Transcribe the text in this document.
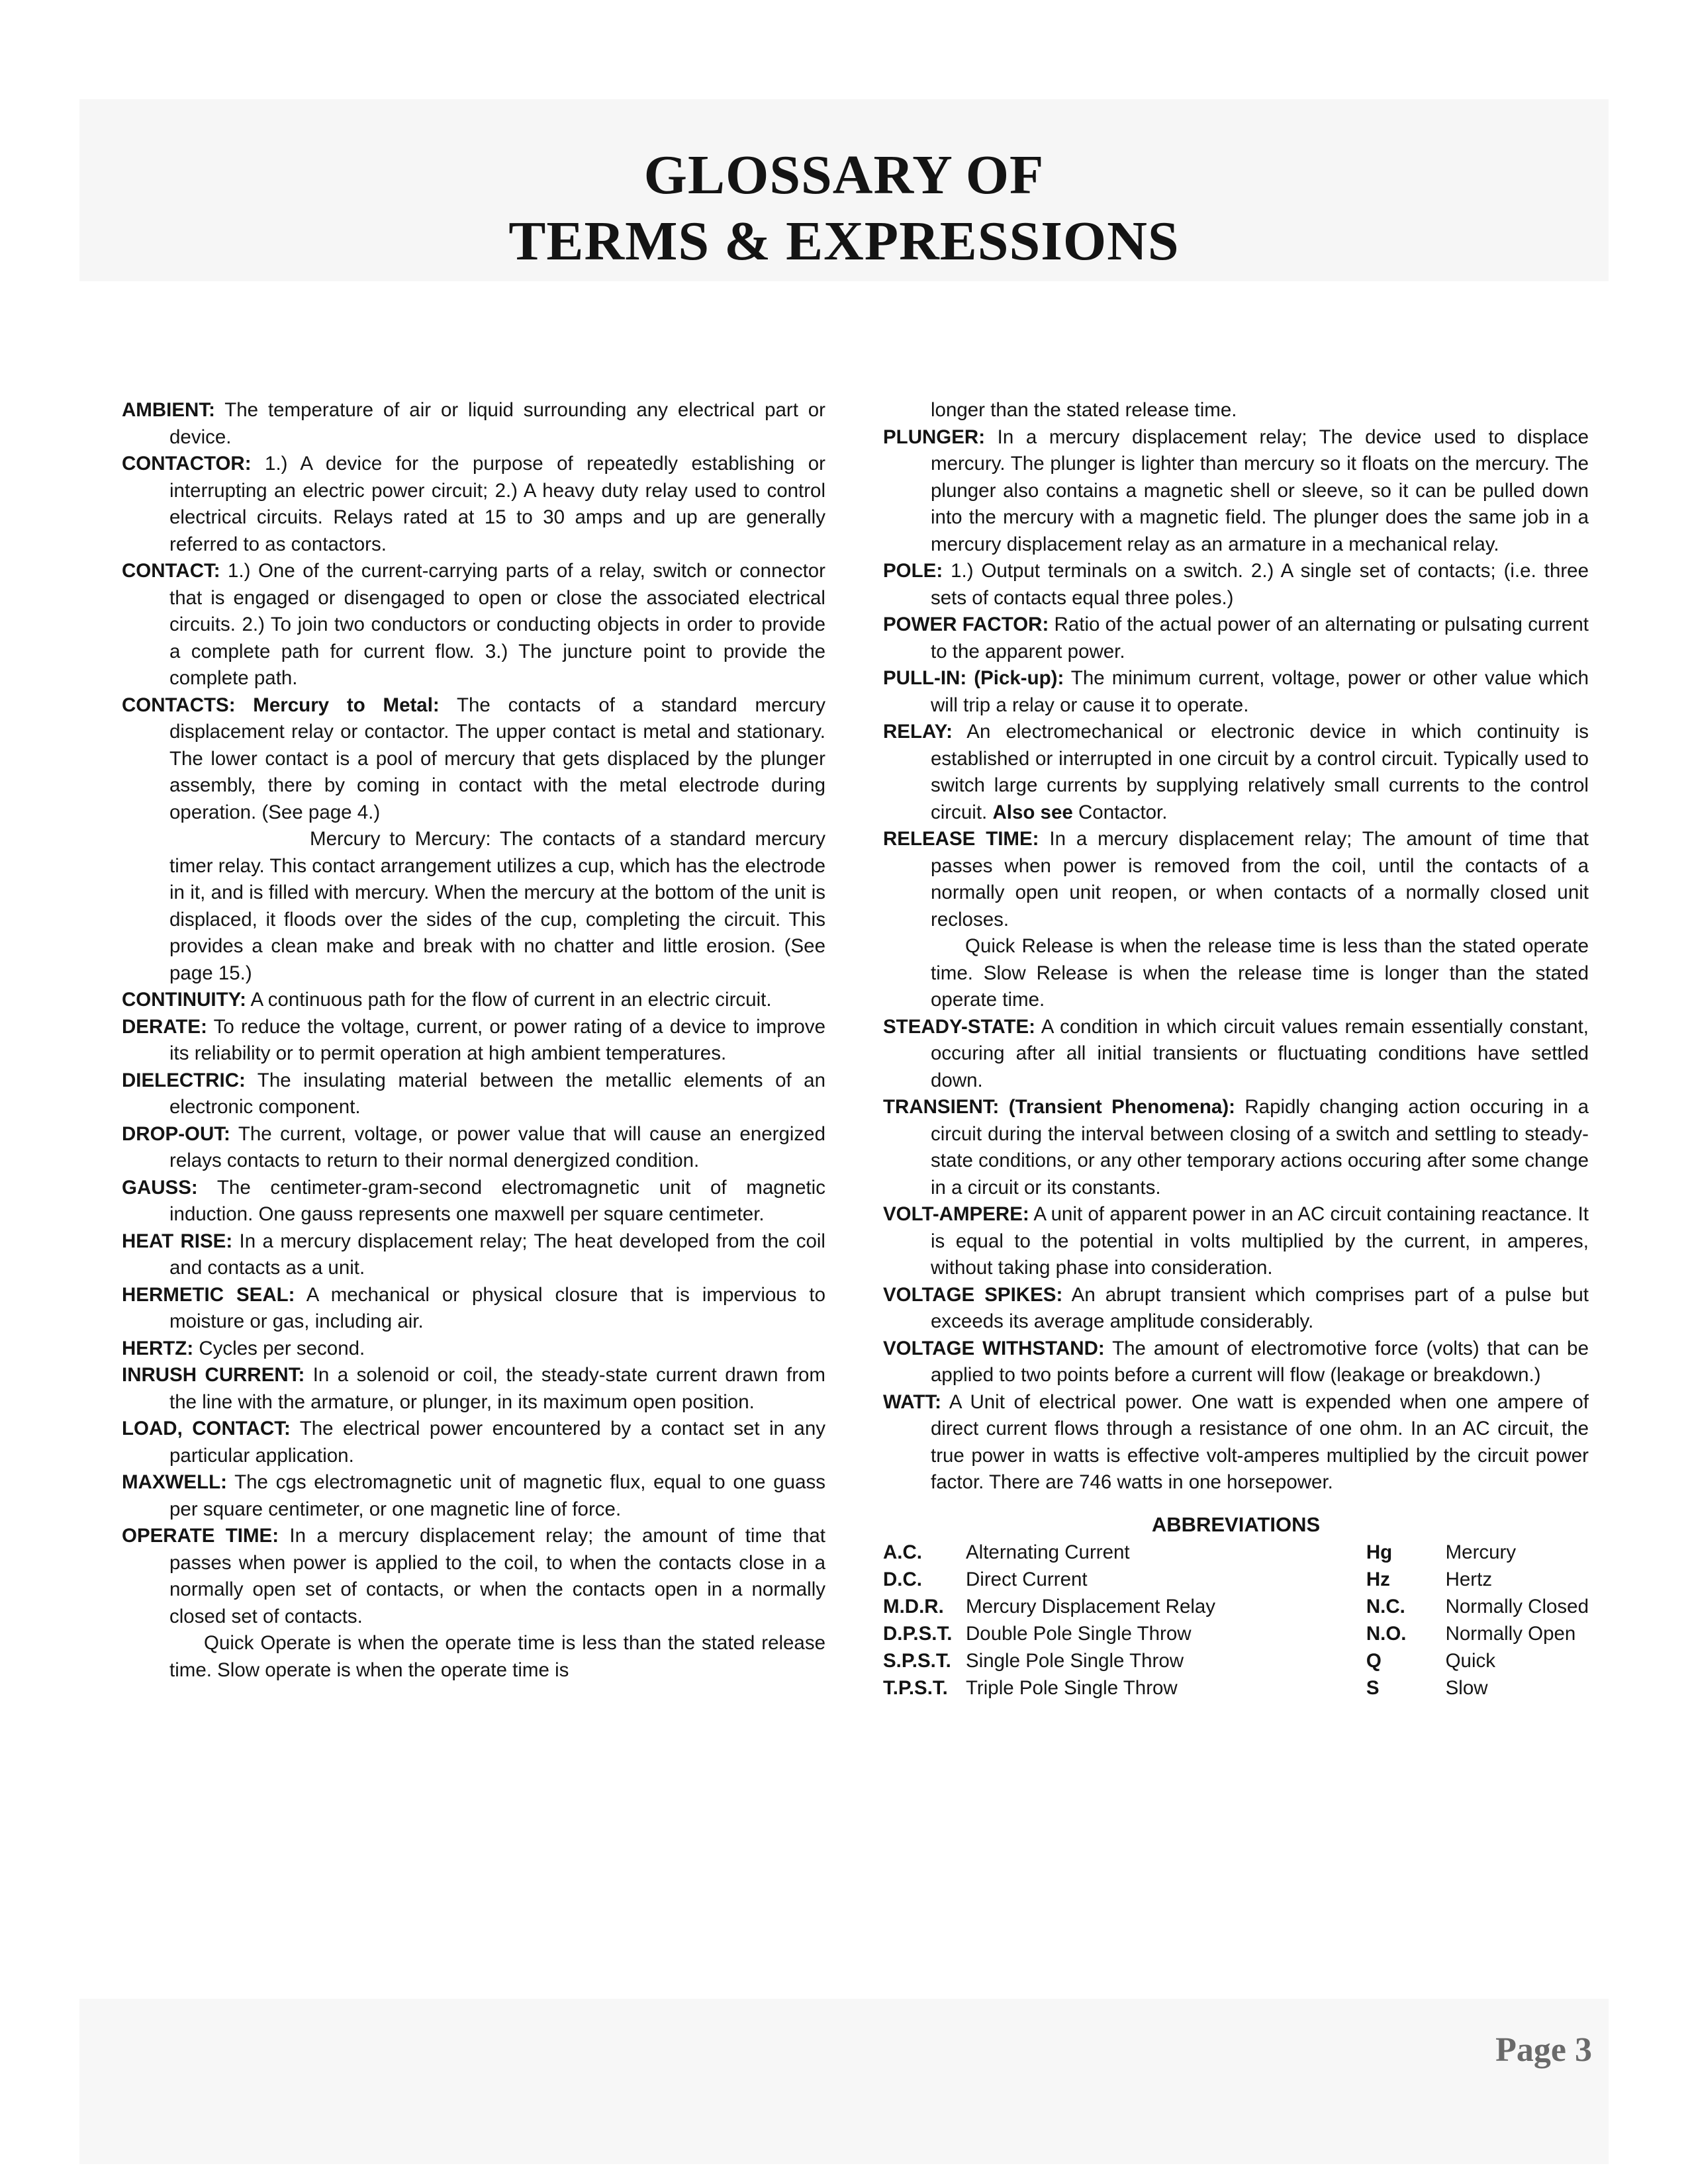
GLOSSARY OF
TERMS & EXPRESSIONS

AMBIENT: The temperature of air or liquid surrounding any electrical part or device.

CONTACTOR: 1.) A device for the purpose of repeatedly establishing or interrupting an electric power circuit; 2.) A heavy duty relay used to control electrical circuits. Relays rated at 15 to 30 amps and up are generally referred to as contactors.

CONTACT: 1.) One of the current-carrying parts of a relay, switch or connector that is engaged or disengaged to open or close the associated electrical circuits. 2.) To join two conductors or conducting objects in order to provide a complete path for current flow. 3.) The juncture point to provide the complete path.

CONTACTS: Mercury to Metal: The contacts of a standard mercury displacement relay or contactor. The upper contact is metal and stationary. The lower contact is a pool of mercury that gets displaced by the plunger assembly, there by coming in contact with the metal electrode during operation. (See page 4.)

Mercury to Mercury: The contacts of a standard mercury timer relay. This contact arrangement utilizes a cup, which has the electrode in it, and is filled with mercury. When the mercury at the bottom of the unit is displaced, it floods over the sides of the cup, completing the circuit. This provides a clean make and break with no chatter and little erosion. (See page 15.)

CONTINUITY: A continuous path for the flow of current in an electric circuit.

DERATE: To reduce the voltage, current, or power rating of a device to improve its reliability or to permit operation at high ambient temperatures.

DIELECTRIC: The insulating material between the metallic elements of an electronic component.

DROP-OUT: The current, voltage, or power value that will cause an energized relays contacts to return to their normal denergized condition.

GAUSS: The centimeter-gram-second electromagnetic unit of magnetic induction. One gauss represents one maxwell per square centimeter.

HEAT RISE: In a mercury displacement relay; The heat developed from the coil and contacts as a unit.

HERMETIC SEAL: A mechanical or physical closure that is impervious to moisture or gas, including air.

HERTZ: Cycles per second.

INRUSH CURRENT: In a solenoid or coil, the steady-state current drawn from the line with the armature, or plunger, in its maximum open position.

LOAD, CONTACT: The electrical power encountered by a contact set in any particular application.

MAXWELL: The cgs electromagnetic unit of magnetic flux, equal to one guass per square centimeter, or one magnetic line of force.

OPERATE TIME: In a mercury displacement relay; the amount of time that passes when power is applied to the coil, to when the contacts close in a normally open set of contacts, or when the contacts open in a normally closed set of contacts.

Quick Operate is when the operate time is less than the stated release time. Slow operate is when the operate time is

longer than the stated release time.

PLUNGER: In a mercury displacement relay; The device used to displace mercury. The plunger is lighter than mercury so it floats on the mercury. The plunger also contains a magnetic shell or sleeve, so it can be pulled down into the mercury with a magnetic field. The plunger does the same job in a mercury displacement relay as an armature in a mechanical relay.

POLE: 1.) Output terminals on a switch. 2.) A single set of contacts; (i.e. three sets of contacts equal three poles.)

POWER FACTOR: Ratio of the actual power of an alternating or pulsating current to the apparent power.

PULL-IN: (Pick-up): The minimum current, voltage, power or other value which will trip a relay or cause it to operate.

RELAY: An electromechanical or electronic device in which continuity is established or interrupted in one circuit by a control circuit. Typically used to switch large currents by supplying relatively small currents to the control circuit. Also see Contactor.

RELEASE TIME: In a mercury displacement relay; The amount of time that passes when power is removed from the coil, until the contacts of a normally open unit reopen, or when contacts of a normally closed unit recloses.

Quick Release is when the release time is less than the stated operate time. Slow Release is when the release time is longer than the stated operate time.

STEADY-STATE: A condition in which circuit values remain essentially constant, occuring after all initial transients or fluctuating conditions have settled down.

TRANSIENT: (Transient Phenomena): Rapidly changing action occuring in a circuit during the interval between closing of a switch and settling to steady-state conditions, or any other temporary actions occuring after some change in a circuit or its constants.

VOLT-AMPERE: A unit of apparent power in an AC circuit containing reactance. It is equal to the potential in volts multiplied by the current, in amperes, without taking phase into consideration.

VOLTAGE SPIKES: An abrupt transient which comprises part of a pulse but exceeds its average amplitude considerably.

VOLTAGE WITHSTAND: The amount of electromotive force (volts) that can be applied to two points before a current will flow (leakage or breakdown.)

WATT: A Unit of electrical power. One watt is expended when one ampere of direct current flows through a resistance of one ohm. In an AC circuit, the true power in watts is effective volt-amperes multiplied by the circuit power factor. There are 746 watts in one horsepower.

ABBREVIATIONS

A.C.	Alternating Current	Hg	Mercury
D.C.	Direct Current	Hz	Hertz
M.D.R.	Mercury Displacement Relay	N.C.	Normally Closed
D.P.S.T.	Double Pole Single Throw	N.O.	Normally Open
S.P.S.T.	Single Pole Single Throw	Q	Quick
T.P.S.T.	Triple Pole Single Throw	S	Slow
Page 3
